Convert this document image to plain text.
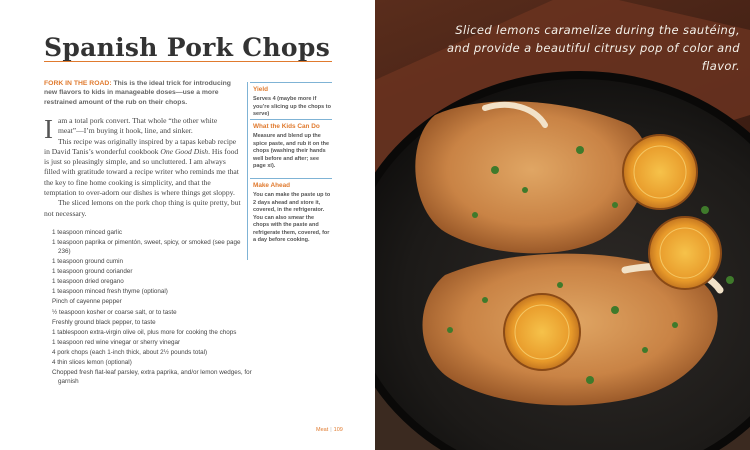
Spanish Pork Chops
FORK IN THE ROAD: This is the ideal trick for introducing new flavors to kids in manageable doses—use a more restrained amount of the rub on their chops.

Iam a total pork convert. That whole “the other white meat”—I’m buying it hook, line, and sinker.

This recipe was originally inspired by a tapas kebab recipe in David Tanis’s wonderful cookbook One Good Dish. His food is just so pleasingly simple, and so uncluttered. I am always filled with gratitude toward a recipe writer who reminds me that the key to fine home cooking is simplicity, and that the temptation to over-adorn our dishes is where things get sloppy.

The sliced lemons on the pork chop thing is quite pretty, but not necessary.

1 teaspoon minced garlic
1 teaspoon paprika or pimentón, sweet, spicy, or smoked (see page 236)
1 teaspoon ground cumin
1 teaspoon ground coriander
1 teaspoon dried oregano
1 teaspoon minced fresh thyme (optional)
Pinch of cayenne pepper
½ teaspoon kosher or coarse salt, or to taste
Freshly ground black pepper, to taste
1 tablespoon extra-virgin olive oil, plus more for cooking the chops
1 teaspoon red wine vinegar or sherry vinegar
4 pork chops (each 1-inch thick, about 2½ pounds total)
4 thin slices lemon (optional)
Chopped fresh flat-leaf parsley, extra paprika, and/or lemon wedges, for garnish
Yield
Serves 4 (maybe more if you’re slicing up the chops to serve)
What the Kids Can Do
Measure and blend up the spice paste, and rub it on the chops (washing their hands well before and after; see page xi).
Make Ahead
You can make the paste up to 2 days ahead and store it, covered, in the refrigerator. You can also smear the chops with the paste and refrigerate them, covered, for a day before cooking.
Meat | 109
Sliced lemons caramelize during the sautéing, and provide a beautiful citrusy pop of color and flavor.
